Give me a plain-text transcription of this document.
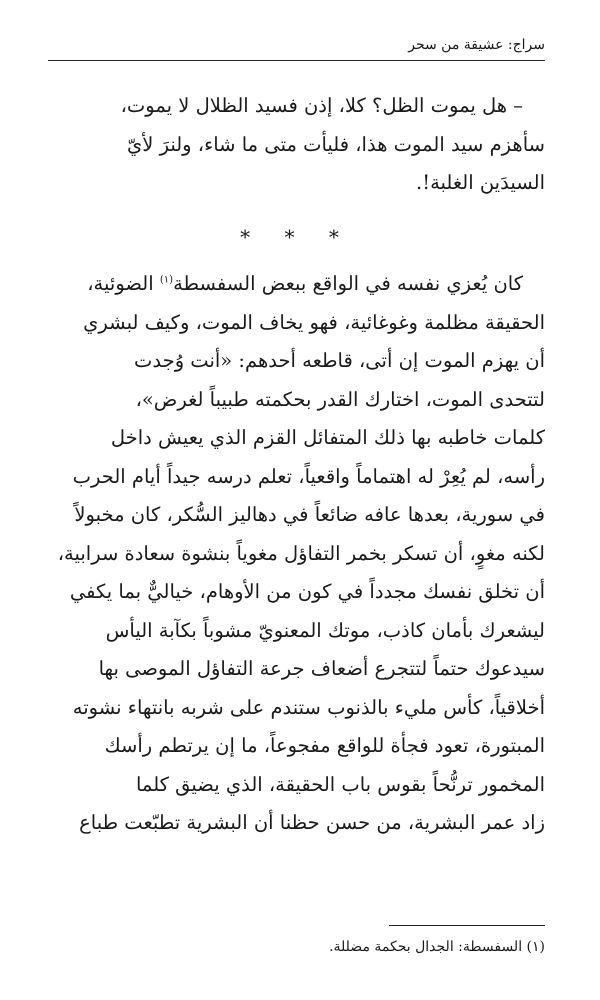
سراج: عشيقة من سحر

– هل يموت الظل؟ كلا، إذن فسيد الظلال لا يموت،

سأهزم سيد الموت هذا، فليأت متى ما شاء، ولنرَ لأيّ

السيدَين الغلبة!.

* * *

كان يُعزي نفسه في الواقع ببعض السفسطة$^{(١)}$ الضوئية،

الحقيقة مظلمة وغوغائية، فهو يخاف الموت، وكيف لبشري

أن يهزم الموت إن أتى، قاطعه أحدهم: «أنت وُجدت

لتتحدى الموت، اختارك القدر بحكمته طبيباً لغرض»،

كلمات خاطبه بها ذلك المتفائل القزم الذي يعيش داخل

رأسه، لم يُعِرْ له اهتماماً واقعياً، تعلم درسه جيداً أيام الحرب

في سورية، بعدها عافه ضائعاً في دهاليز السُّكر، كان مخبولاً

لكنه مغوٍ، أن تسكر بخمر التفاؤل مغوياً بنشوة سعادة سرابية،

أن تخلق نفسك مجدداً في كون من الأوهام، خياليٌّ بما يكفي

ليشعرك بأمان كاذب، موتك المعنويّ مشوباً بكآبة اليأس

سيدعوك حتماً لتتجرع أضعاف جرعة التفاؤل الموصى بها

أخلاقياً، كأس مليء بالذنوب ستندم على شربه بانتهاء نشوته

المبتورة، تعود فجأة للواقع مفجوعاً، ما إن يرتطم رأسك

المخمور ترنُّحاً بقوس باب الحقيقة، الذي يضيق كلما

زاد عمر البشرية، من حسن حظنا أن البشرية تطبّعت طباع

(١) السفسطة: الجدال بحكمة مضللة.
